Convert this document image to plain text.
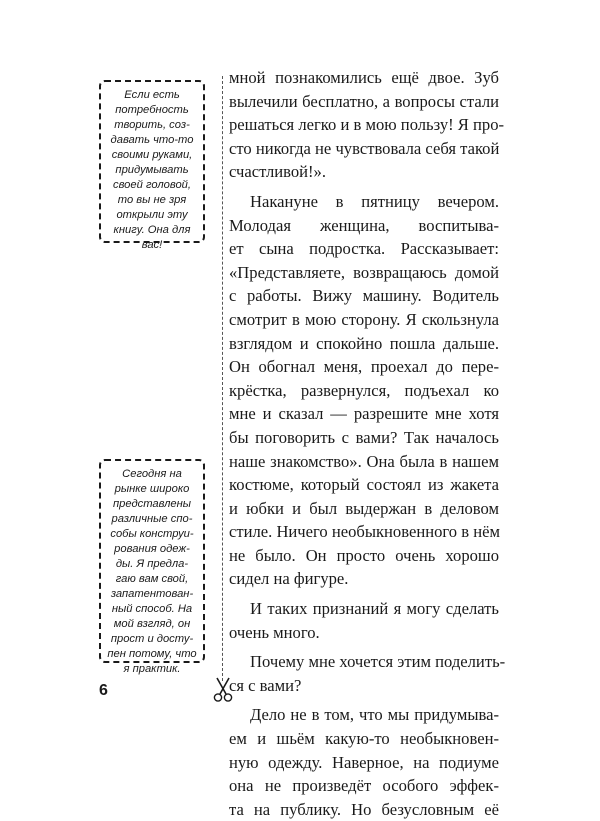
Если есть
потребность
творить, соз-
давать что-то
своими руками,
придумывать
своей головой,
то вы не зря
открыли эту
книгу. Она для
вас!
Сегодня на
рынке широко
представлены
различные спо-
собы конструи-
рования одеж-
ды. Я предла-
гаю вам свой,
запатентован-
ный способ. На
мой взгляд, он
прост и досту-
пен потому, что
я практик.
мной познакомились ещё двое. Зуб
вылечили бесплатно, а вопросы стали
решаться легко и в мою пользу! Я про-
сто никогда не чувствовала себя такой
счастливой!».
Накануне в пятницу вечером.
Молодая женщина, воспитыва-
ет сына подростка. Рассказывает:
«Представляете, возвращаюсь домой
с работы. Вижу машину. Водитель
смотрит в мою сторону. Я скользнула
взглядом и спокойно пошла дальше.
Он обогнал меня, проехал до пере-
крёстка, развернулся, подъехал ко
мне и сказал — разрешите мне хотя
бы поговорить с вами? Так началось
наше знакомство». Она была в нашем
костюме, который состоял из жакета
и юбки и был выдержан в деловом
стиле. Ничего необыкновенного в нём
не было. Он просто очень хорошо
сидел на фигуре.
И таких признаний я могу сделать
очень много.
Почему мне хочется этим поделить-
ся с вами?
Дело не в том, что мы придумыва-
ем и шьём какую-то необыкновен-
ную одежду. Наверное, на подиуме
она не произведёт особого эффек-
та на публику. Но безусловным её
6
